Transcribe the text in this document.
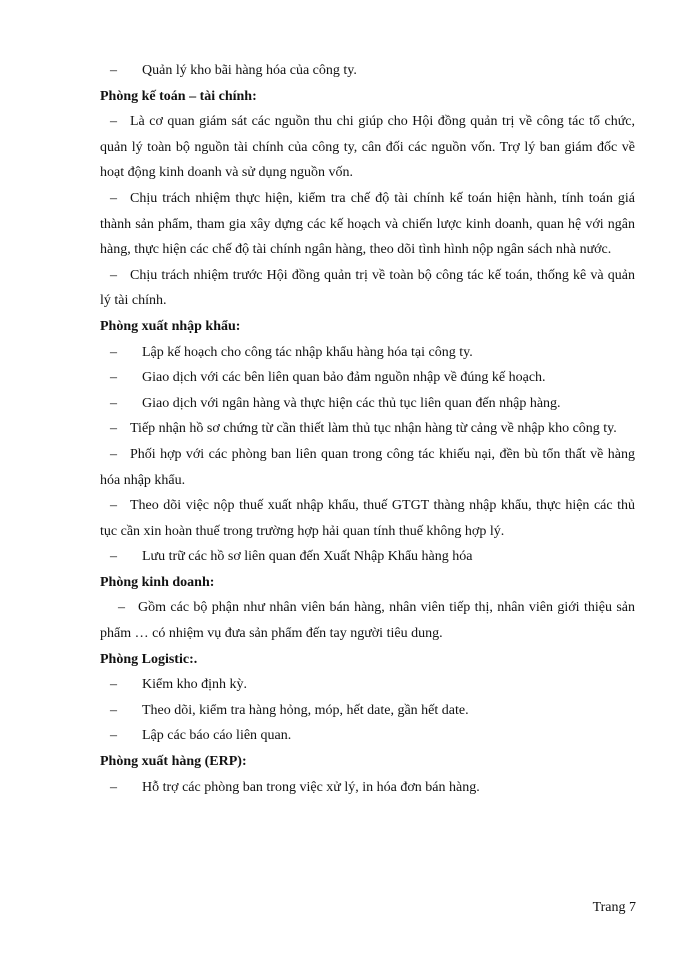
– Quản lý kho bãi hàng hóa của công ty.

Phòng kế toán – tài chính:

– Là cơ quan giám sát các nguồn thu chi giúp cho Hội đồng quản trị về công tác tổ chức, quản lý toàn bộ nguồn tài chính của công ty, cân đối các nguồn vốn. Trợ lý ban giám đốc về hoạt động kinh doanh và sử dụng nguồn vốn.

– Chịu trách nhiệm thực hiện, kiểm tra chế độ tài chính kế toán hiện hành, tính toán giá thành sản phẩm, tham gia xây dựng các kế hoạch và chiến lược kinh doanh, quan hệ với ngân hàng, thực hiện các chế độ tài chính ngân hàng, theo dõi tình hình nộp ngân sách nhà nước.

– Chịu trách nhiệm trước Hội đồng quản trị về toàn bộ công tác kế toán, thống kê và quản lý tài chính.

Phòng xuất nhập khẩu:

– Lập kế hoạch cho công tác nhập khẩu hàng hóa tại công ty.

– Giao dịch với các bên liên quan bảo đảm nguồn nhập về đúng kế hoạch.

– Giao dịch với ngân hàng và thực hiện các thủ tục liên quan đến nhập hàng.

– Tiếp nhận hồ sơ chứng từ cần thiết làm thủ tục nhận hàng từ cảng về nhập kho công ty.

– Phối hợp với các phòng ban liên quan trong công tác khiếu nại, đền bù tổn thất về hàng hóa nhập khẩu.

– Theo dõi việc nộp thuế xuất nhập khẩu, thuế GTGT thàng nhập khẩu, thực hiện các thủ tục cần xin hoàn thuế trong trường hợp hải quan tính thuế không hợp lý.

– Lưu trữ các hồ sơ liên quan đến Xuất Nhập Khẩu hàng hóa

Phòng kinh doanh:

– Gồm các bộ phận như nhân viên bán hàng, nhân viên tiếp thị, nhân viên giới thiệu sản phẩm … có nhiệm vụ đưa sản phẩm đến tay người tiêu dung.

Phòng Logistic:.

– Kiểm kho định kỳ.

– Theo dõi, kiểm tra hàng hỏng, móp, hết date, gần hết date.

– Lập các báo cáo liên quan.

Phòng xuất hàng (ERP):

– Hỗ trợ các phòng ban trong việc xử lý, in hóa đơn bán hàng.

Trang 7
